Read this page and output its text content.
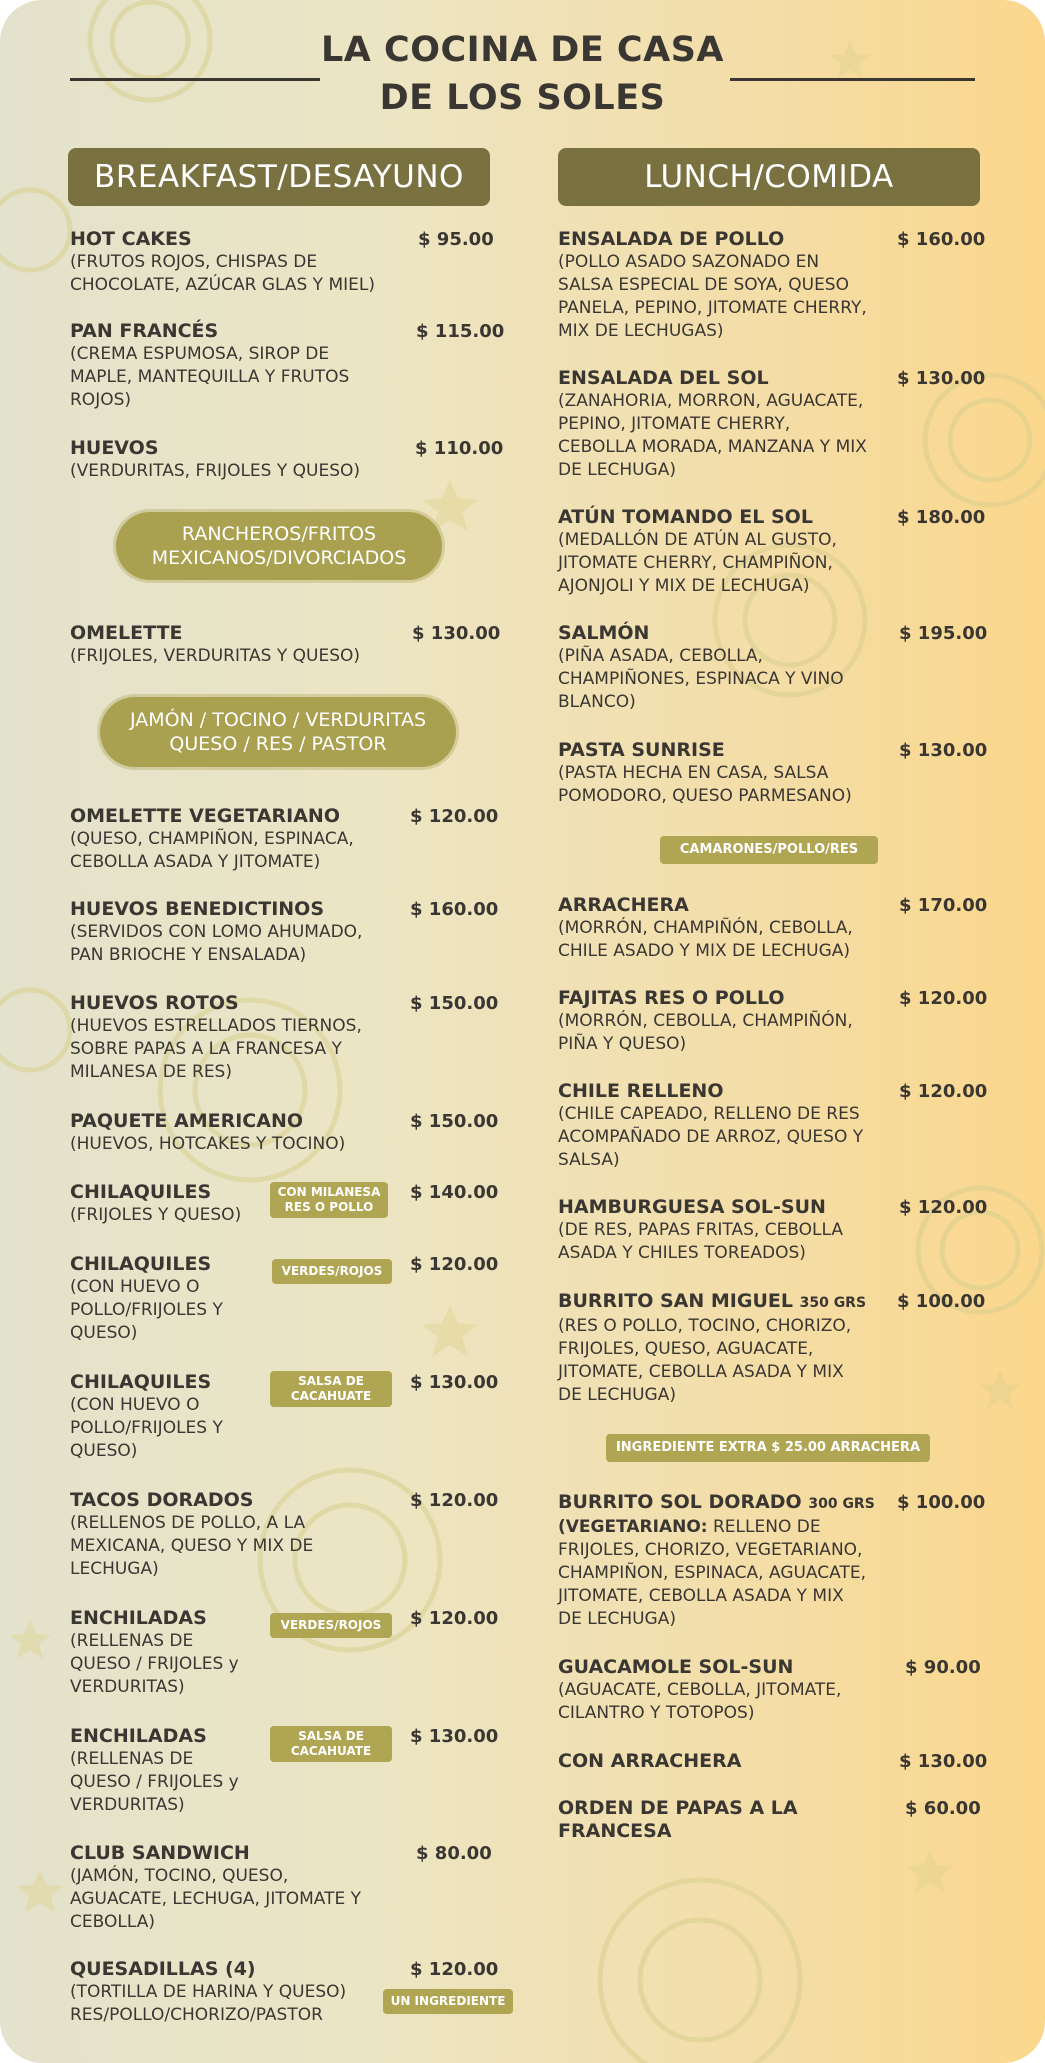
LA COCINA DE CASA
DE LOS SOLES
BREAKFAST/DESAYUNO	LUNCH/COMIDA
HOT CAKES
(FRUTOS ROJOS, CHISPAS DE
CHOCOLATE, AZÚCAR GLAS Y MIEL)
$ 95.00
PAN FRANCÉS
(CREMA ESPUMOSA, SIROP DE
MAPLE, MANTEQUILLA Y FRUTOS
ROJOS)
$ 115.00
HUEVOS
(VERDURITAS, FRIJOLES Y QUESO)
$ 110.00
RANCHEROS/FRITOS
MEXICANOS/DIVORCIADOS
OMELETTE
(FRIJOLES, VERDURITAS Y QUESO)
$ 130.00
JAMÓN / TOCINO / VERDURITAS
QUESO / RES / PASTOR
OMELETTE VEGETARIANO
(QUESO, CHAMPIÑON, ESPINACA,
CEBOLLA ASADA Y JITOMATE)
$ 120.00
HUEVOS BENEDICTINOS
(SERVIDOS CON LOMO AHUMADO,
PAN BRIOCHE Y ENSALADA)
$ 160.00
HUEVOS ROTOS
(HUEVOS ESTRELLADOS TIERNOS,
SOBRE PAPAS A LA FRANCESA Y
MILANESA DE RES)
$ 150.00
PAQUETE AMERICANO
(HUEVOS, HOTCAKES Y TOCINO)
$ 150.00
CHILAQUILES
(FRIJOLES Y QUESO)
CON MILANESA
RES O POLLO
$ 140.00
CHILAQUILES
(CON HUEVO O
POLLO/FRIJOLES Y
QUESO)
VERDES/ROJOS	$ 120.00
CHILAQUILES
(CON HUEVO O
POLLO/FRIJOLES Y
QUESO)
SALSA DE
CACAHUATE
$ 130.00
TACOS DORADOS
(RELLENOS DE POLLO, A LA
MEXICANA, QUESO Y MIX DE
LECHUGA)
$ 120.00
ENCHILADAS
(RELLENAS DE
QUESO / FRIJOLES y
VERDURITAS)
VERDES/ROJOS	$ 120.00
ENCHILADAS
(RELLENAS DE
QUESO / FRIJOLES y
VERDURITAS)
SALSA DE
CACAHUATE
$ 130.00
CLUB SANDWICH
(JAMÓN, TOCINO, QUESO,
AGUACATE, LECHUGA, JITOMATE Y
CEBOLLA)
$ 80.00
QUESADILLAS (4)
(TORTILLA DE HARINA Y QUESO)
RES/POLLO/CHORIZO/PASTOR
$ 120.00
UN INGREDIENTE
ENSALADA DE POLLO
(POLLO ASADO SAZONADO EN
SALSA ESPECIAL DE SOYA, QUESO
PANELA, PEPINO, JITOMATE CHERRY,
MIX DE LECHUGAS)
$ 160.00
ENSALADA DEL SOL
(ZANAHORIA, MORRON, AGUACATE,
PEPINO, JITOMATE CHERRY,
CEBOLLA MORADA, MANZANA Y MIX
DE LECHUGA)
$ 130.00
ATÚN TOMANDO EL SOL
(MEDALLÓN DE ATÚN AL GUSTO,
JITOMATE CHERRY, CHAMPIÑON,
AJONJOLI Y MIX DE LECHUGA)
$ 180.00
SALMÓN
(PIÑA ASADA, CEBOLLA,
CHAMPIÑONES, ESPINACA Y VINO
BLANCO)
$ 195.00
PASTA SUNRISE
(PASTA HECHA EN CASA, SALSA
POMODORO, QUESO PARMESANO)
$ 130.00
CAMARONES/POLLO/RES
ARRACHERA
(MORRÓN, CHAMPIÑÓN, CEBOLLA,
CHILE ASADO Y MIX DE LECHUGA)
$ 170.00
FAJITAS RES O POLLO
(MORRÓN, CEBOLLA, CHAMPIÑÓN,
PIÑA Y QUESO)
$ 120.00
CHILE RELLENO
(CHILE CAPEADO, RELLENO DE RES
ACOMPAÑADO DE ARROZ, QUESO Y
SALSA)
$ 120.00
HAMBURGUESA SOL-SUN
(DE RES, PAPAS FRITAS, CEBOLLA
ASADA Y CHILES TOREADOS)
$ 120.00
BURRITO SAN MIGUEL 350 GRS
(RES O POLLO, TOCINO, CHORIZO,
FRIJOLES, QUESO, AGUACATE,
JITOMATE, CEBOLLA ASADA Y MIX
DE LECHUGA)
$ 100.00
INGREDIENTE EXTRA $ 25.00 ARRACHERA
BURRITO SOL DORADO 300 GRS
(VEGETARIANO: RELLENO DE
FRIJOLES, CHORIZO, VEGETARIANO,
CHAMPIÑON, ESPINACA, AGUACATE,
JITOMATE, CEBOLLA ASADA Y MIX
DE LECHUGA)
$ 100.00
GUACAMOLE SOL-SUN
(AGUACATE, CEBOLLA, JITOMATE,
CILANTRO Y TOTOPOS)
$ 90.00
CON ARRACHERA	$ 130.00
ORDEN DE PAPAS A LA
FRANCESA
$ 60.00
